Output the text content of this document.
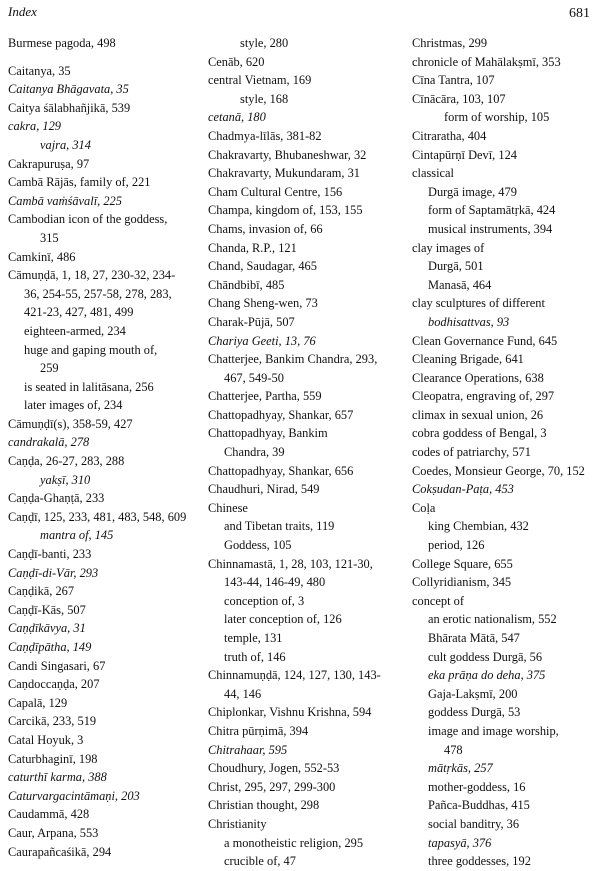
Index	681
Burmese pagoda, 498
Caitanya, 35
Caitanya Bhāgavata, 35
Caitya śālabhañjikā, 539
cakra, 129
vajra, 314
Cakrapuruṣa, 97
Cambā Rājās, family of, 221
Cambā vaṁśāvalī, 225
Cambodian icon of the goddess,
315
Camkinī, 486
Cāmuṇḍā, 1, 18, 27, 230-32, 234-
36, 254-55, 257-58, 278, 283,
421-23, 427, 481, 499
eighteen-armed, 234
huge and gaping mouth of,
259
is seated in lalitāsana, 256
later images of, 234
Cāmuṇḍī(s), 358-59, 427
candrakalā, 278
Caṇḍa, 26-27, 283, 288
yakṣī, 310
Caṇḍa-Ghaṇṭā, 233
Caṇḍī, 125, 233, 481, 483, 548, 609
mantra of, 145
Caṇḍī-banti, 233
Caṇḍī-di-Vār, 293
Caṇḍikā, 267
Caṇḍī-Kās, 507
Caṇḍīkāvya, 31
Caṇḍīpātha, 149
Candi Singasari, 67
Caṇdoccaṇḍa, 207
Capalā, 129
Carcikā, 233, 519
Catal Hoyuk, 3
Caturbhaginī, 198
caturthī karma, 388
Caturvargacintāmaṇi, 203
Caudammā, 428
Caur, Arpana, 553
Caurapañcaśikā, 294
style, 280
Cenāb, 620
central Vietnam, 169
style, 168
cetanā, 180
Chadmya-līlās, 381-82
Chakravarty, Bhubaneshwar, 32
Chakravarty, Mukundaram, 31
Cham Cultural Centre, 156
Champa, kingdom of, 153, 155
Chams, invasion of, 66
Chanda, R.P., 121
Chand, Saudagar, 465
Chāndbibī, 485
Chang Sheng-wen, 73
Charak-Pūjā, 507
Chariya Geeti, 13, 76
Chatterjee, Bankim Chandra, 293,
467, 549-50
Chatterjee, Partha, 559
Chattopadhyay, Shankar, 657
Chattopadhyay, Bankim
Chandra, 39
Chattopadhyay, Shankar, 656
Chaudhuri, Nirad, 549
Chinese
and Tibetan traits, 119
Goddess, 105
Chinnamastā, 1, 28, 103, 121-30,
143-44, 146-49, 480
conception of, 3
later conception of, 126
temple, 131
truth of, 146
Chinnamuṇḍā, 124, 127, 130, 143-
44, 146
Chiplonkar, Vishnu Krishna, 594
Chitra pūrṇimā, 394
Chitrahaar, 595
Choudhury, Jogen, 552-53
Christ, 295, 297, 299-300
Christian thought, 298
Christianity
a monotheistic religion, 295
crucible of, 47
Christmas, 299
chronicle of Mahālakṣmī, 353
Cīna Tantra, 107
Cīnācāra, 103, 107
form of worship, 105
Citraratha, 404
Cintapūrṇī Devī, 124
classical
Durgā image, 479
form of Saptamātṛkā, 424
musical instruments, 394
clay images of
Durgā, 501
Manasā, 464
clay sculptures of different
bodhisattvas, 93
Clean Governance Fund, 645
Cleaning Brigade, 641
Clearance Operations, 638
Cleopatra, engraving of, 297
climax in sexual union, 26
cobra goddess of Bengal, 3
codes of patriarchy, 571
Coedes, Monsieur George, 70, 152
Cokṣudan-Paṭa, 453
Coḷa
king Chembian, 432
period, 126
College Square, 655
Collyridianism, 345
concept of
an erotic nationalism, 552
Bhārata Mātā, 547
cult goddess Durgā, 56
eka prāṇa do deha, 375
Gaja-Lakṣmī, 200
goddess Durgā, 53
image and image worship,
478
mātṛkās, 257
mother-goddess, 16
Pañca-Buddhas, 415
social banditry, 36
tapasyā, 376
three goddesses, 192
